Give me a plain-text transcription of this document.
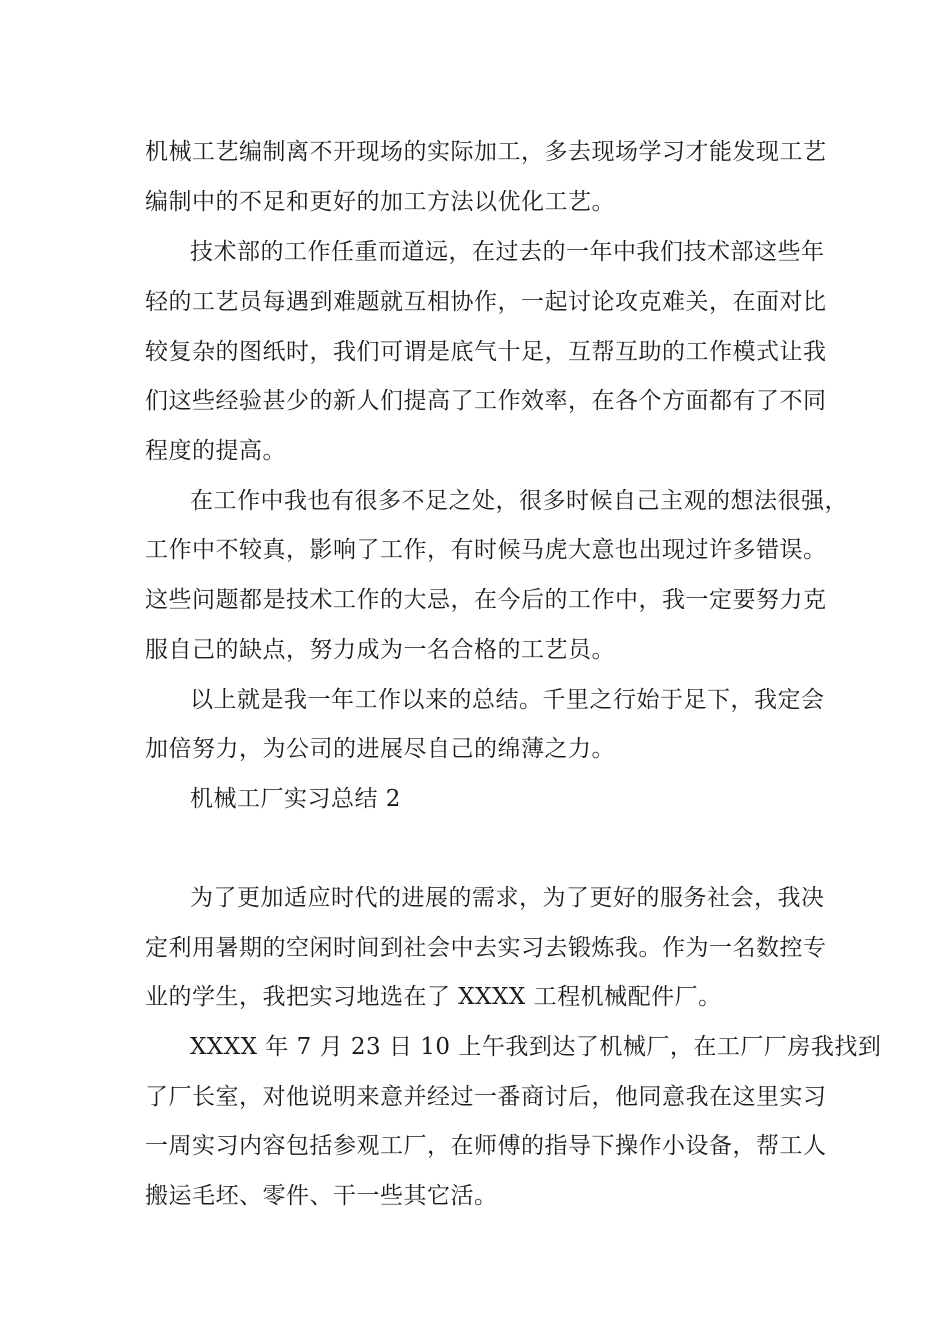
机械工艺编制离不开现场的实际加工，多去现场学习才能发现工艺

编制中的不足和更好的加工方法以优化工艺。

技术部的工作任重而道远，在过去的一年中我们技术部这些年

轻的工艺员每遇到难题就互相协作，一起讨论攻克难关，在面对比

较复杂的图纸时，我们可谓是底气十足，互帮互助的工作模式让我

们这些经验甚少的新人们提高了工作效率，在各个方面都有了不同

程度的提高。

在工作中我也有很多不足之处，很多时候自己主观的想法很强，

工作中不较真，影响了工作，有时候马虎大意也出现过许多错误。

这些问题都是技术工作的大忌，在今后的工作中，我一定要努力克

服自己的缺点，努力成为一名合格的工艺员。

以上就是我一年工作以来的总结。千里之行始于足下，我定会

加倍努力，为公司的进展尽自己的绵薄之力。

机械工厂实习总结 2

为了更加适应时代的进展的需求，为了更好的服务社会，我决

定利用暑期的空闲时间到社会中去实习去锻炼我。作为一名数控专

业的学生，我把实习地选在了 XXXX 工程机械配件厂。

XXXX 年 7 月 23 日 10 上午我到达了机械厂，在工厂厂房我找到

了厂长室，对他说明来意并经过一番商讨后，他同意我在这里实习

一周实习内容包括参观工厂，在师傅的指导下操作小设备，帮工人

搬运毛坯、零件、干一些其它活。
